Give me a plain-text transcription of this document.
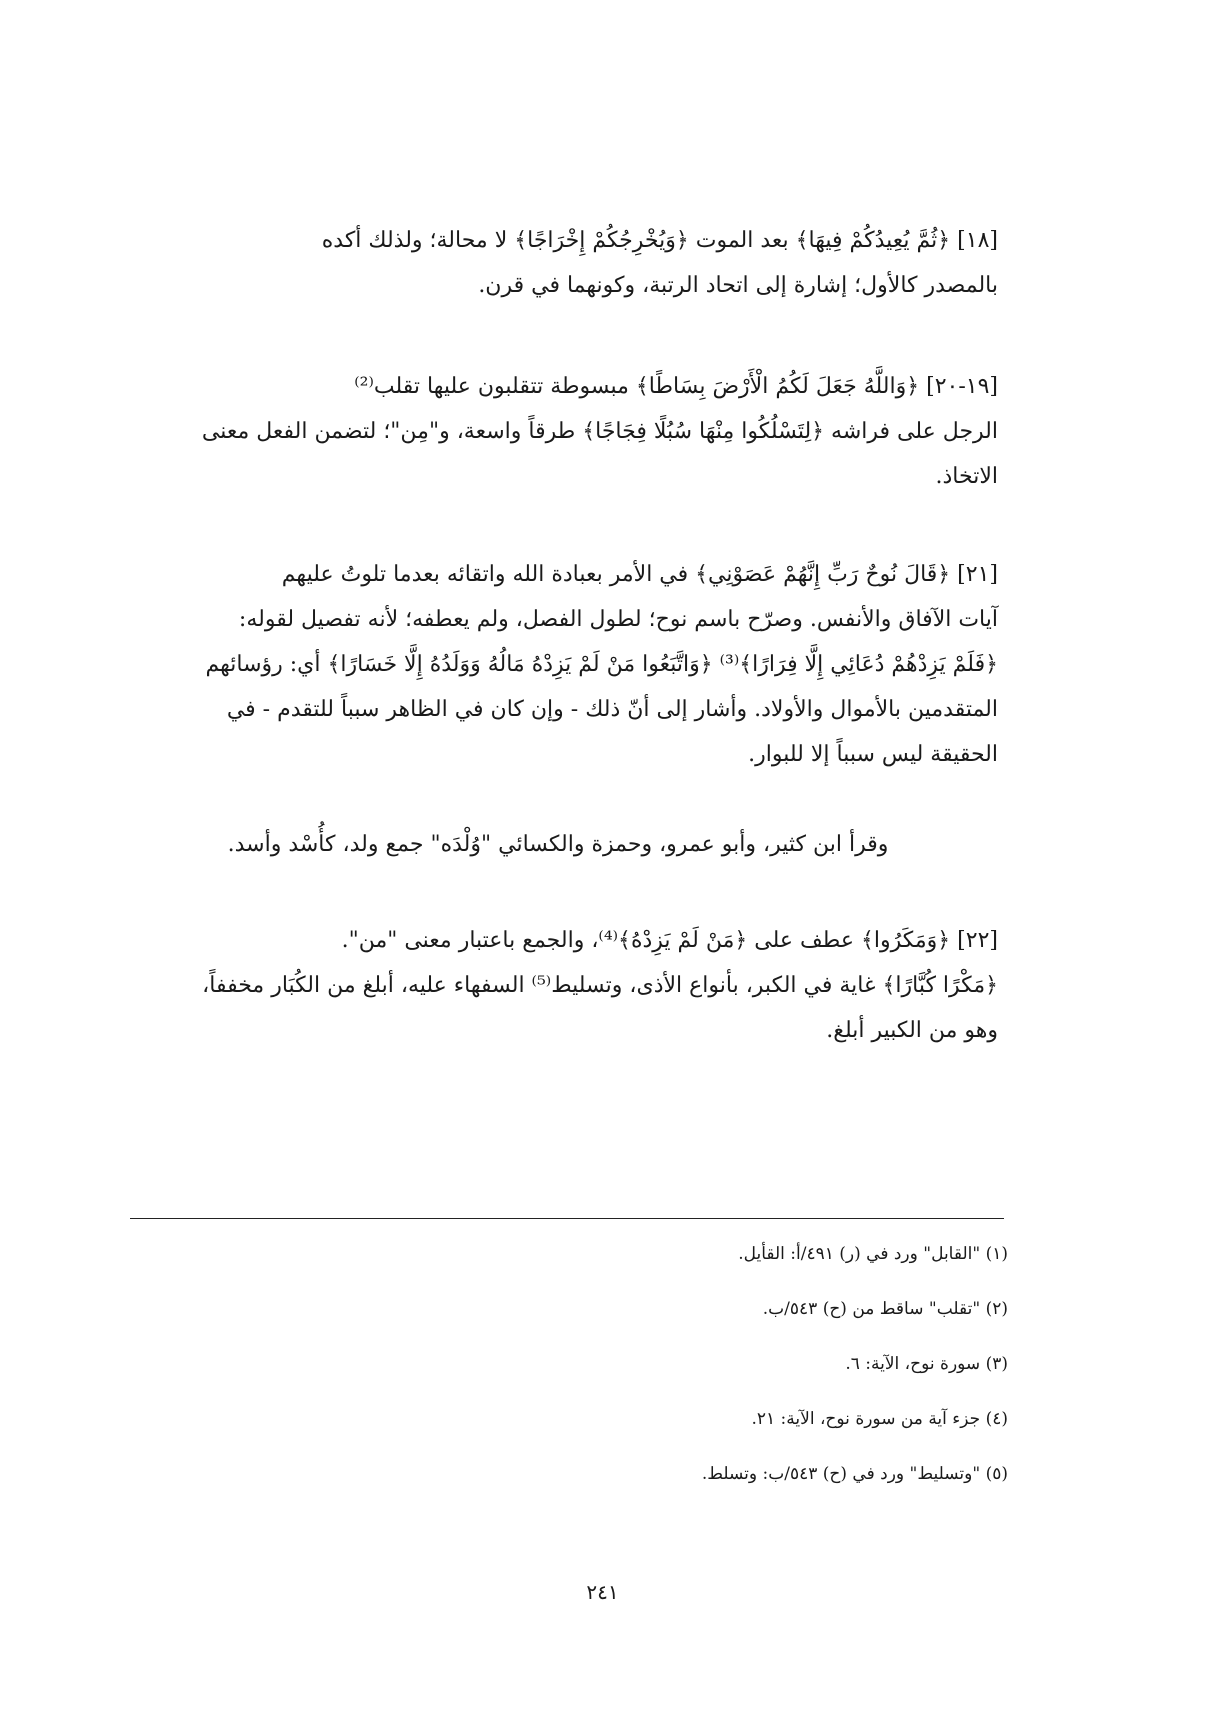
[١٨] ﴿ثُمَّ يُعِيدُكُمْ فِيهَا﴾ بعد الموت ﴿وَيُخْرِجُكُمْ إِخْرَاجًا﴾ لا محالة؛ ولذلك أكده

بالمصدر كالأول؛ إشارة إلى اتحاد الرتبة، وكونهما في قرن.

[١٩-٢٠] ﴿وَاللَّهُ جَعَلَ لَكُمُ الْأَرْضَ بِسَاطًا﴾ مبسوطة تتقلبون عليها تقلب⁽²⁾

الرجل على فراشه ﴿لِتَسْلُكُوا مِنْهَا سُبُلًا فِجَاجًا﴾ طرقاً واسعة، و"مِن"؛ لتضمن الفعل معنى

الاتخاذ.

[٢١] ﴿قَالَ نُوحٌ رَبِّ إِنَّهُمْ عَصَوْنِي﴾ في الأمر بعبادة الله واتقائه بعدما تلوتُ عليهم

آيات الآفاق والأنفس. وصرّح باسم نوح؛ لطول الفصل، ولم يعطفه؛ لأنه تفصيل لقوله:

﴿فَلَمْ يَزِدْهُمْ دُعَائِي إِلَّا فِرَارًا﴾⁽³⁾ ﴿وَاتَّبَعُوا مَنْ لَمْ يَزِدْهُ مَالُهُ وَوَلَدُهُ إِلَّا خَسَارًا﴾ أي: رؤسائهم

المتقدمين بالأموال والأولاد. وأشار إلى أنّ ذلك - وإن كان في الظاهر سبباً للتقدم - في

الحقيقة ليس سبباً إلا للبوار.

وقرأ ابن كثير، وأبو عمرو، وحمزة والكسائي "وُلْدَه" جمع ولد، كأُسْد وأسد.

[٢٢] ﴿وَمَكَرُوا﴾ عطف على ﴿مَنْ لَمْ يَزِدْهُ﴾⁽⁴⁾، والجمع باعتبار معنى "من".

﴿مَكْرًا كُبَّارًا﴾ غاية في الكبر، بأنواع الأذى، وتسليط⁽⁵⁾ السفهاء عليه، أبلغ من الكُبَار مخففاً،

وهو من الكبير أبلغ.

(١) "القابل" ورد في (ر) ٤٩١/أ: القأيل.
(٢) "تقلب" ساقط من (ح) ٥٤٣/ب.
(٣) سورة نوح، الآية: ٦.
(٤) جزء آية من سورة نوح، الآية: ٢١.
(٥) "وتسليط" ورد في (ح) ٥٤٣/ب: وتسلط.
٢٤١
